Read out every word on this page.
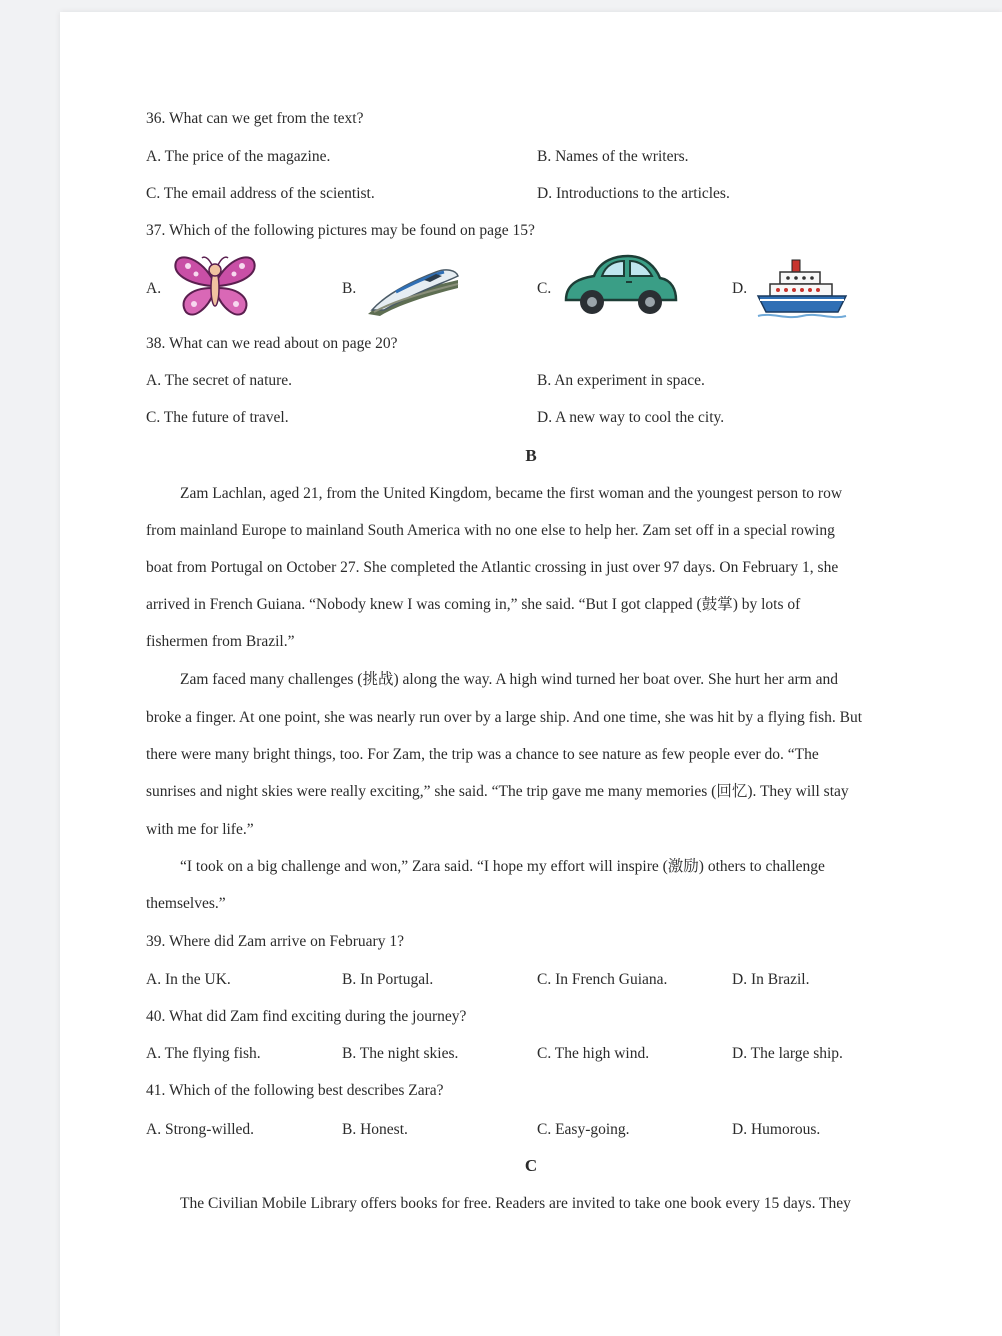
36. What can we get from the text?
A. The price of the magazine.	B. Names of the writers.
C. The email address of the scientist.	D. Introductions to the articles.
37. Which of the following pictures may be found on page 15?
A.	B.	C.	D.
38. What can we read about on page 20?
A. The secret of nature.	B. An experiment in space.
C. The future of travel.	D. A new way to cool the city.
B
Zam Lachlan, aged 21, from the United Kingdom, became the first woman and the youngest person to row
from mainland Europe to mainland South America with no one else to help her. Zam set off in a special rowing
boat from Portugal on October 27. She completed the Atlantic crossing in just over 97 days. On February 1, she
arrived in French Guiana. “Nobody knew I was coming in,” she said. “But I got clapped (鼓掌) by lots of
fishermen from Brazil.”
Zam faced many challenges (挑战) along the way. A high wind turned her boat over. She hurt her arm and
broke a finger. At one point, she was nearly run over by a large ship. And one time, she was hit by a flying fish. But
there were many bright things, too. For Zam, the trip was a chance to see nature as few people ever do. “The
sunrises and night skies were really exciting,” she said. “The trip gave me many memories (回忆). They will stay
with me for life.”
“I took on a big challenge and won,” Zara said. “I hope my effort will inspire (激励) others to challenge
themselves.”
39. Where did Zam arrive on February 1?
A. In the UK.	B. In Portugal.	C. In French Guiana.	D. In Brazil.
40. What did Zam find exciting during the journey?
A. The flying fish.	B. The night skies.	C. The high wind.	D. The large ship.
41. Which of the following best describes Zara?
A. Strong-willed.	B. Honest.	C. Easy-going.	D. Humorous.
C
The Civilian Mobile Library offers books for free. Readers are invited to take one book every 15 days. They
